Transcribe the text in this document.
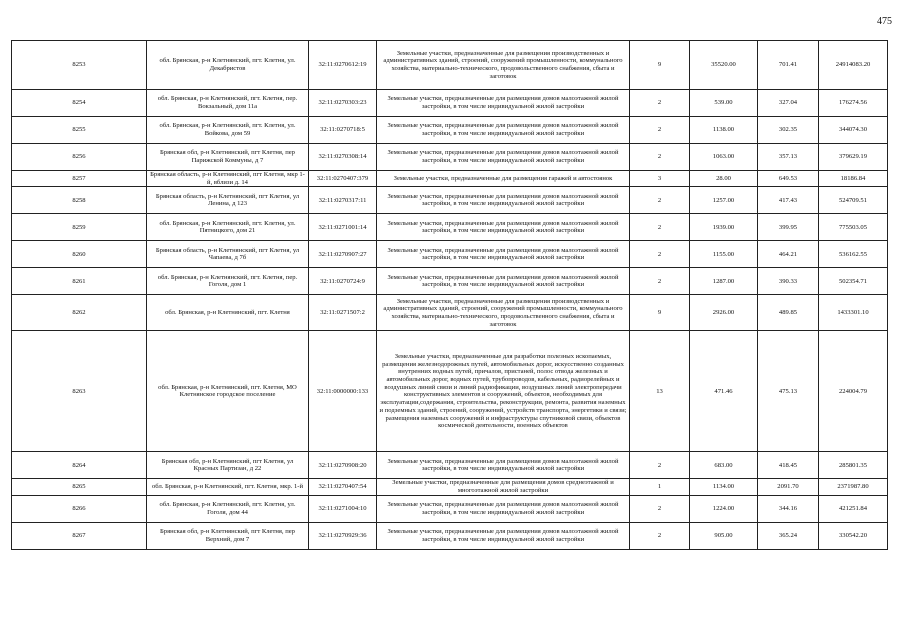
475
8253	обл. Брянская, р-н Клетнянский, пгт. Клетня, ул. Декабристов	32:11:0270612:19	Земельные участки, предназначенные для размещения производственных и административных зданий, строений, сооружений промышленности, коммунального хозяйства, материально-технического, продовольственного снабжения, сбыта и заготовок	9	35520.00	701.41	24914083.20
8254	обл. Брянская, р-н Клетнянский, пгт. Клетня, пер. Вокзальный, дом 11а	32:11:0270303:23	Земельные участки, предназначенные для размещения домов малоэтажной жилой застройки, в том числе индивидуальной жилой застройки	2	539.00	327.04	176274.56
8255	обл. Брянская, р-н Клетнянский, пгт. Клетня, ул. Войкова, дом 59	32:11:0270718:5	Земельные участки, предназначенные для размещения домов малоэтажной жилой застройки, в том числе индивидуальной жилой застройки	2	1138.00	302.35	344074.30
8256	Брянская обл, р-н Клетнянский, пгт Клетня, пер Парижской Коммуны, д 7	32:11:0270308:14	Земельные участки, предназначенные для размещения домов малоэтажной жилой застройки, в том числе индивидуальной жилой застройки	2	1063.00	357.13	379629.19
8257	Брянская область, р-н Клетнянский, пгт Клетня, мкр 1-й, вблизи д. 14	32:11:0270407:379	Земельные участки, предназначенные для размещения гаражей и автостоянок	3	28.00	649.53	18186.84
8258	Брянская область, р-н Клетнянский, пгт Клетня, ул Ленина, д 123	32:11:0270317:11	Земельные участки, предназначенные для размещения домов малоэтажной жилой застройки, в том числе индивидуальной жилой застройки	2	1257.00	417.43	524709.51
8259	обл. Брянская, р-н Клетнянский, пгт. Клетня, ул. Пятницкого, дом 21	32:11:0271001:14	Земельные участки, предназначенные для размещения домов малоэтажной жилой застройки, в том числе индивидуальной жилой застройки	2	1939.00	399.95	775503.05
8260	Брянская область, р-н Клетнянский, пгт Клетня, ул Чапаева, д 7б	32:11:0270907:27	Земельные участки, предназначенные для размещения домов малоэтажной жилой застройки, в том числе индивидуальной жилой застройки	2	1155.00	464.21	536162.55
8261	обл. Брянская, р-н Клетнянский, пгт. Клетня, пер. Гоголя, дом 1	32:11:0270724:9	Земельные участки, предназначенные для размещения домов малоэтажной жилой застройки, в том числе индивидуальной жилой застройки	2	1287.00	390.33	502354.71
8262	обл. Брянская, р-н Клетнянский, пгт. Клетня	32:11:0271507:2	Земельные участки, предназначенные для размещения производственных и административных зданий, строений, сооружений промышленности, коммунального хозяйства, материально-технического, продовольственного снабжения, сбыта и заготовок	9	2926.00	489.85	1433301.10
8263	обл. Брянская, р-н Клетнянский, пгт. Клетня, МО Клетнянское городское поселение	32:11:0000000:133	Земельные участки, предназначенные для разработки полезных ископаемых, размещения железнодорожных путей, автомобильных дорог, искусственно созданных внутренних водных путей, причалов, пристаней, полос отвода железных и автомобильных дорог, водных путей, трубопроводов, кабельных, радиорелейных и воздушных линий связи и линий радиофикации, воздушных линий электропередачи конструктивных элементов и сооружений, объектов, необходимых для эксплуатации,содержания, строительства, реконструкции, ремонта, развития наземных и подземных зданий, строений, сооружений, устройств транспорта, энергетики и связи; размещения наземных сооружений и инфраструктуры спутниковой связи, объектов космической деятельности, военных объектов	13	471.46	475.13	224004.79
8264	Брянская обл, р-н Клетнянский, пгт Клетня, ул Красных Партизан, д 22	32:11:0270908:20	Земельные участки, предназначенные для размещения домов малоэтажной жилой застройки, в том числе индивидуальной жилой застройки	2	683.00	418.45	285801.35
8265	обл. Брянская, р-н Клетнянский, пгт. Клетня, мкр. 1-й	32:11:0270407:54	Земельные участки, предназначенные для размещения домов среднеэтажной и многоэтажной жилой застройки	1	1134.00	2091.70	2371987.80
8266	обл. Брянская, р-н Клетнянский, пгт. Клетня, ул. Гоголя, дом 44	32:11:0271004:10	Земельные участки, предназначенные для размещения домов малоэтажной жилой застройки, в том числе индивидуальной жилой застройки	2	1224.00	344.16	421251.84
8267	Брянская обл, р-н Клетнянский, пгт Клетня, пер Верхний, дом 7	32:11:0270929:36	Земельные участки, предназначенные для размещения домов малоэтажной жилой застройки, в том числе индивидуальной жилой застройки	2	905.00	365.24	330542.20
